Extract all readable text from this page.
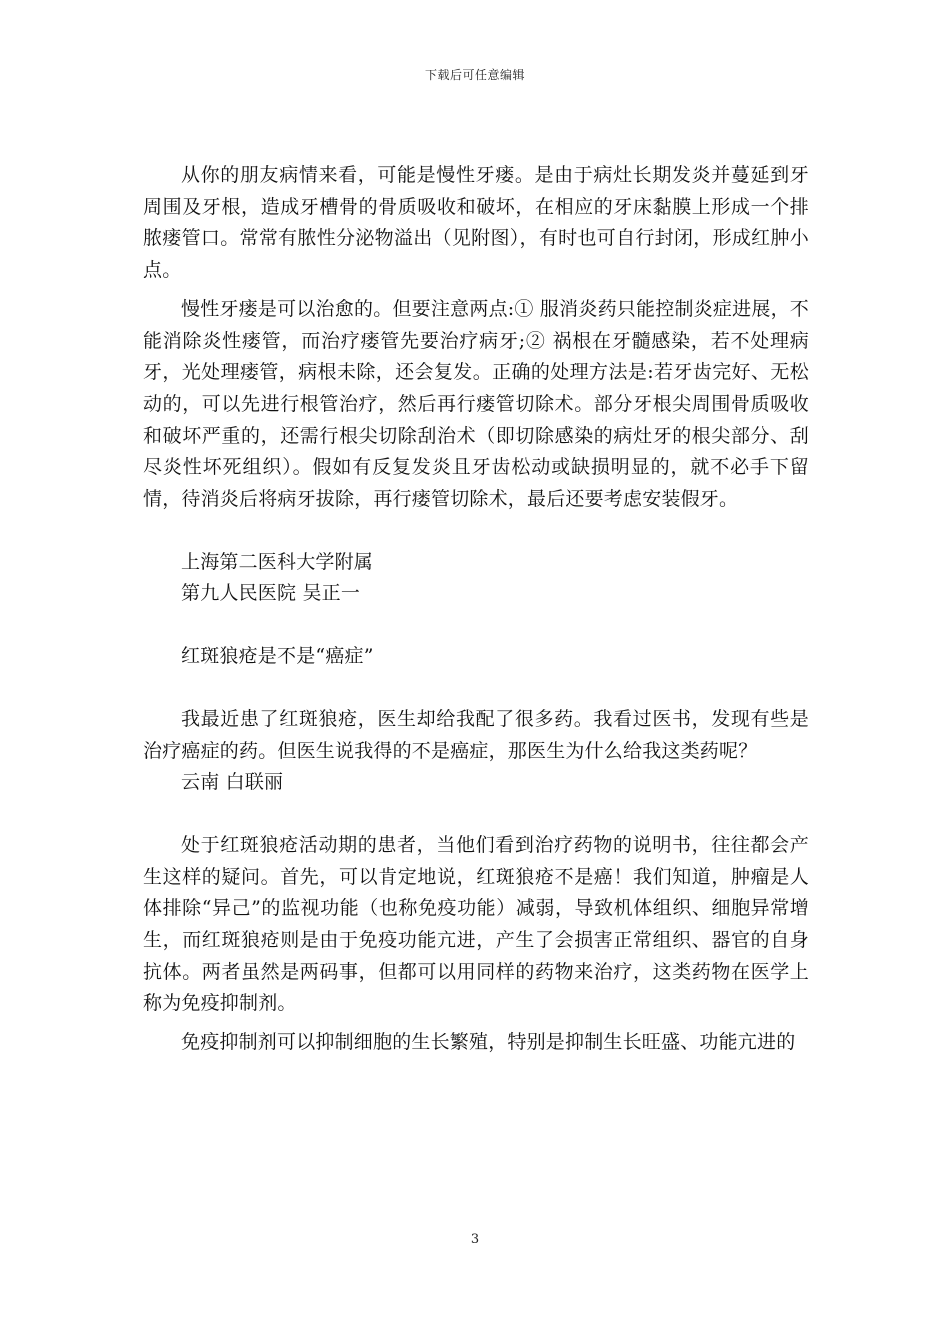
下载后可任意编辑

从你的朋友病情来看，可能是慢性牙瘘。是由于病灶长期发炎并蔓延到牙周围及牙根，造成牙槽骨的骨质吸收和破坏，在相应的牙床黏膜上形成一个排脓瘘管口。常常有脓性分泌物溢出（见附图），有时也可自行封闭，形成红肿小点。

慢性牙瘘是可以治愈的。但要注意两点:① 服消炎药只能控制炎症进展，不能消除炎性瘘管，而治疗瘘管先要治疗病牙;② 祸根在牙髓感染，若不处理病牙，光处理瘘管，病根未除，还会复发。正确的处理方法是:若牙齿完好、无松动的，可以先进行根管治疗，然后再行瘘管切除术。部分牙根尖周围骨质吸收和破坏严重的，还需行根尖切除刮治术（即切除感染的病灶牙的根尖部分、刮尽炎性坏死组织）。假如有反复发炎且牙齿松动或缺损明显的，就不必手下留情，待消炎后将病牙拔除，再行瘘管切除术，最后还要考虑安装假牙。

上海第二医科大学附属

第九人民医院 吴正一

红斑狼疮是不是“癌症”

我最近患了红斑狼疮，医生却给我配了很多药。我看过医书，发现有些是治疗癌症的药。但医生说我得的不是癌症，那医生为什么给我这类药呢？

云南 白联丽

处于红斑狼疮活动期的患者，当他们看到治疗药物的说明书，往往都会产生这样的疑问。首先，可以肯定地说，红斑狼疮不是癌！我们知道，肿瘤是人体排除“异己”的监视功能（也称免疫功能）减弱，导致机体组织、细胞异常增生，而红斑狼疮则是由于免疫功能亢进，产生了会损害正常组织、器官的自身抗体。两者虽然是两码事，但都可以用同样的药物来治疗，这类药物在医学上称为免疫抑制剂。

免疫抑制剂可以抑制细胞的生长繁殖，特别是抑制生长旺盛、功能亢进的

3
